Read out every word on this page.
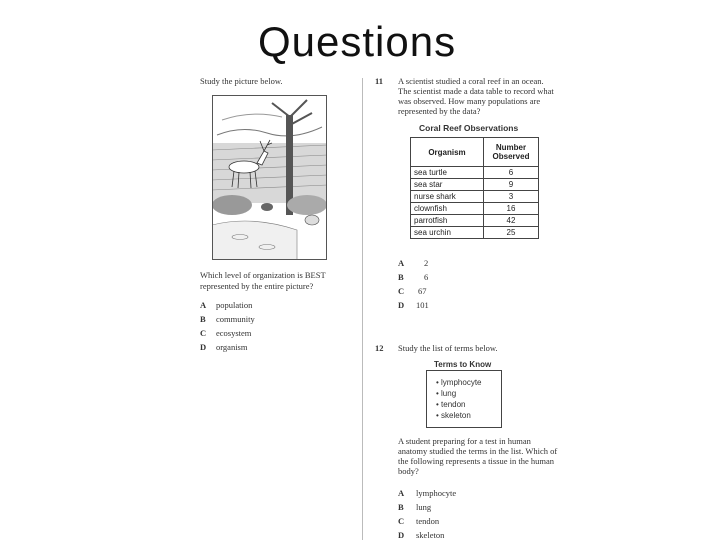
Questions
Study the picture below.
Which level of organization is BEST
represented by the entire picture?
A population
B community
C ecosystem
D organism
11 A scientist studied a coral reef in an ocean.
The scientist made a data table to record what
was observed. How many populations are
represented by the data?
Coral Reef Observations
Organism	Number
Observed
sea turtle	6
sea star	9
nurse shark	3
clownfish	16
parrotfish	42
sea urchin	25
A 2
B 6
C 67
D 101
12 Study the list of terms below.
Terms to Know
• lymphocyte
• lung
• tendon
• skeleton
A student preparing for a test in human
anatomy studied the terms in the list. Which of
the following represents a tissue in the human
body?
A lymphocyte
B lung
C tendon
D skeleton
